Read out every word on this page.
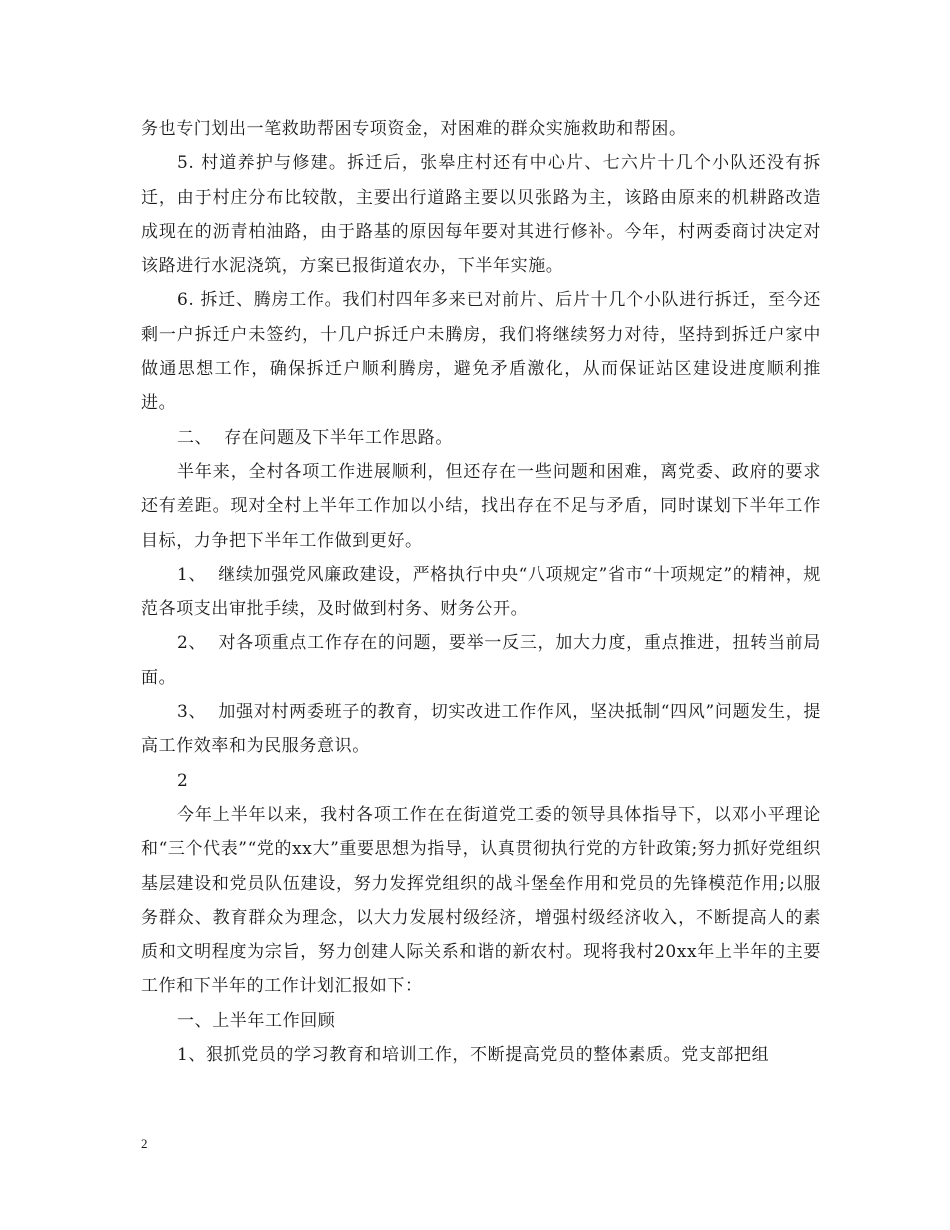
务也专门划出一笔救助帮困专项资金，对困难的群众实施救助和帮困。

5. 村道养护与修建。拆迁后，张皋庄村还有中心片、七六片十几个小队还没有拆迁，由于村庄分布比较散，主要出行道路主要以贝张路为主，该路由原来的机耕路改造成现在的沥青柏油路，由于路基的原因每年要对其进行修补。今年，村两委商讨决定对该路进行水泥浇筑，方案已报街道农办，下半年实施。

6. 拆迁、腾房工作。我们村四年多来已对前片、后片十几个小队进行拆迁，至今还剩一户拆迁户未签约，十几户拆迁户未腾房，我们将继续努力对待，坚持到拆迁户家中做通思想工作，确保拆迁户顺利腾房，避免矛盾激化，从而保证站区建设进度顺利推进。

二、  存在问题及下半年工作思路。

半年来，全村各项工作进展顺利，但还存在一些问题和困难，离党委、政府的要求还有差距。现对全村上半年工作加以小结，找出存在不足与矛盾，同时谋划下半年工作目标，力争把下半年工作做到更好。

1、  继续加强党风廉政建设，严格执行中央“八项规定”省市“十项规定”的精神，规范各项支出审批手续，及时做到村务、财务公开。

2、  对各项重点工作存在的问题，要举一反三，加大力度，重点推进，扭转当前局面。

3、  加强对村两委班子的教育，切实改进工作作风，坚决抵制“四风”问题发生，提高工作效率和为民服务意识。

2

今年上半年以来，我村各项工作在在街道党工委的领导具体指导下，以邓小平理论和“三个代表”“党的xx大”重要思想为指导，认真贯彻执行党的方针政策;努力抓好党组织基层建设和党员队伍建设，努力发挥党组织的战斗堡垒作用和党员的先锋模范作用;以服务群众、教育群众为理念，以大力发展村级经济，增强村级经济收入，不断提高人的素质和文明程度为宗旨，努力创建人际关系和谐的新农村。现将我村20xx年上半年的主要工作和下半年的工作计划汇报如下：

一、上半年工作回顾

1、狠抓党员的学习教育和培训工作，不断提高党员的整体素质。党支部把组

2
